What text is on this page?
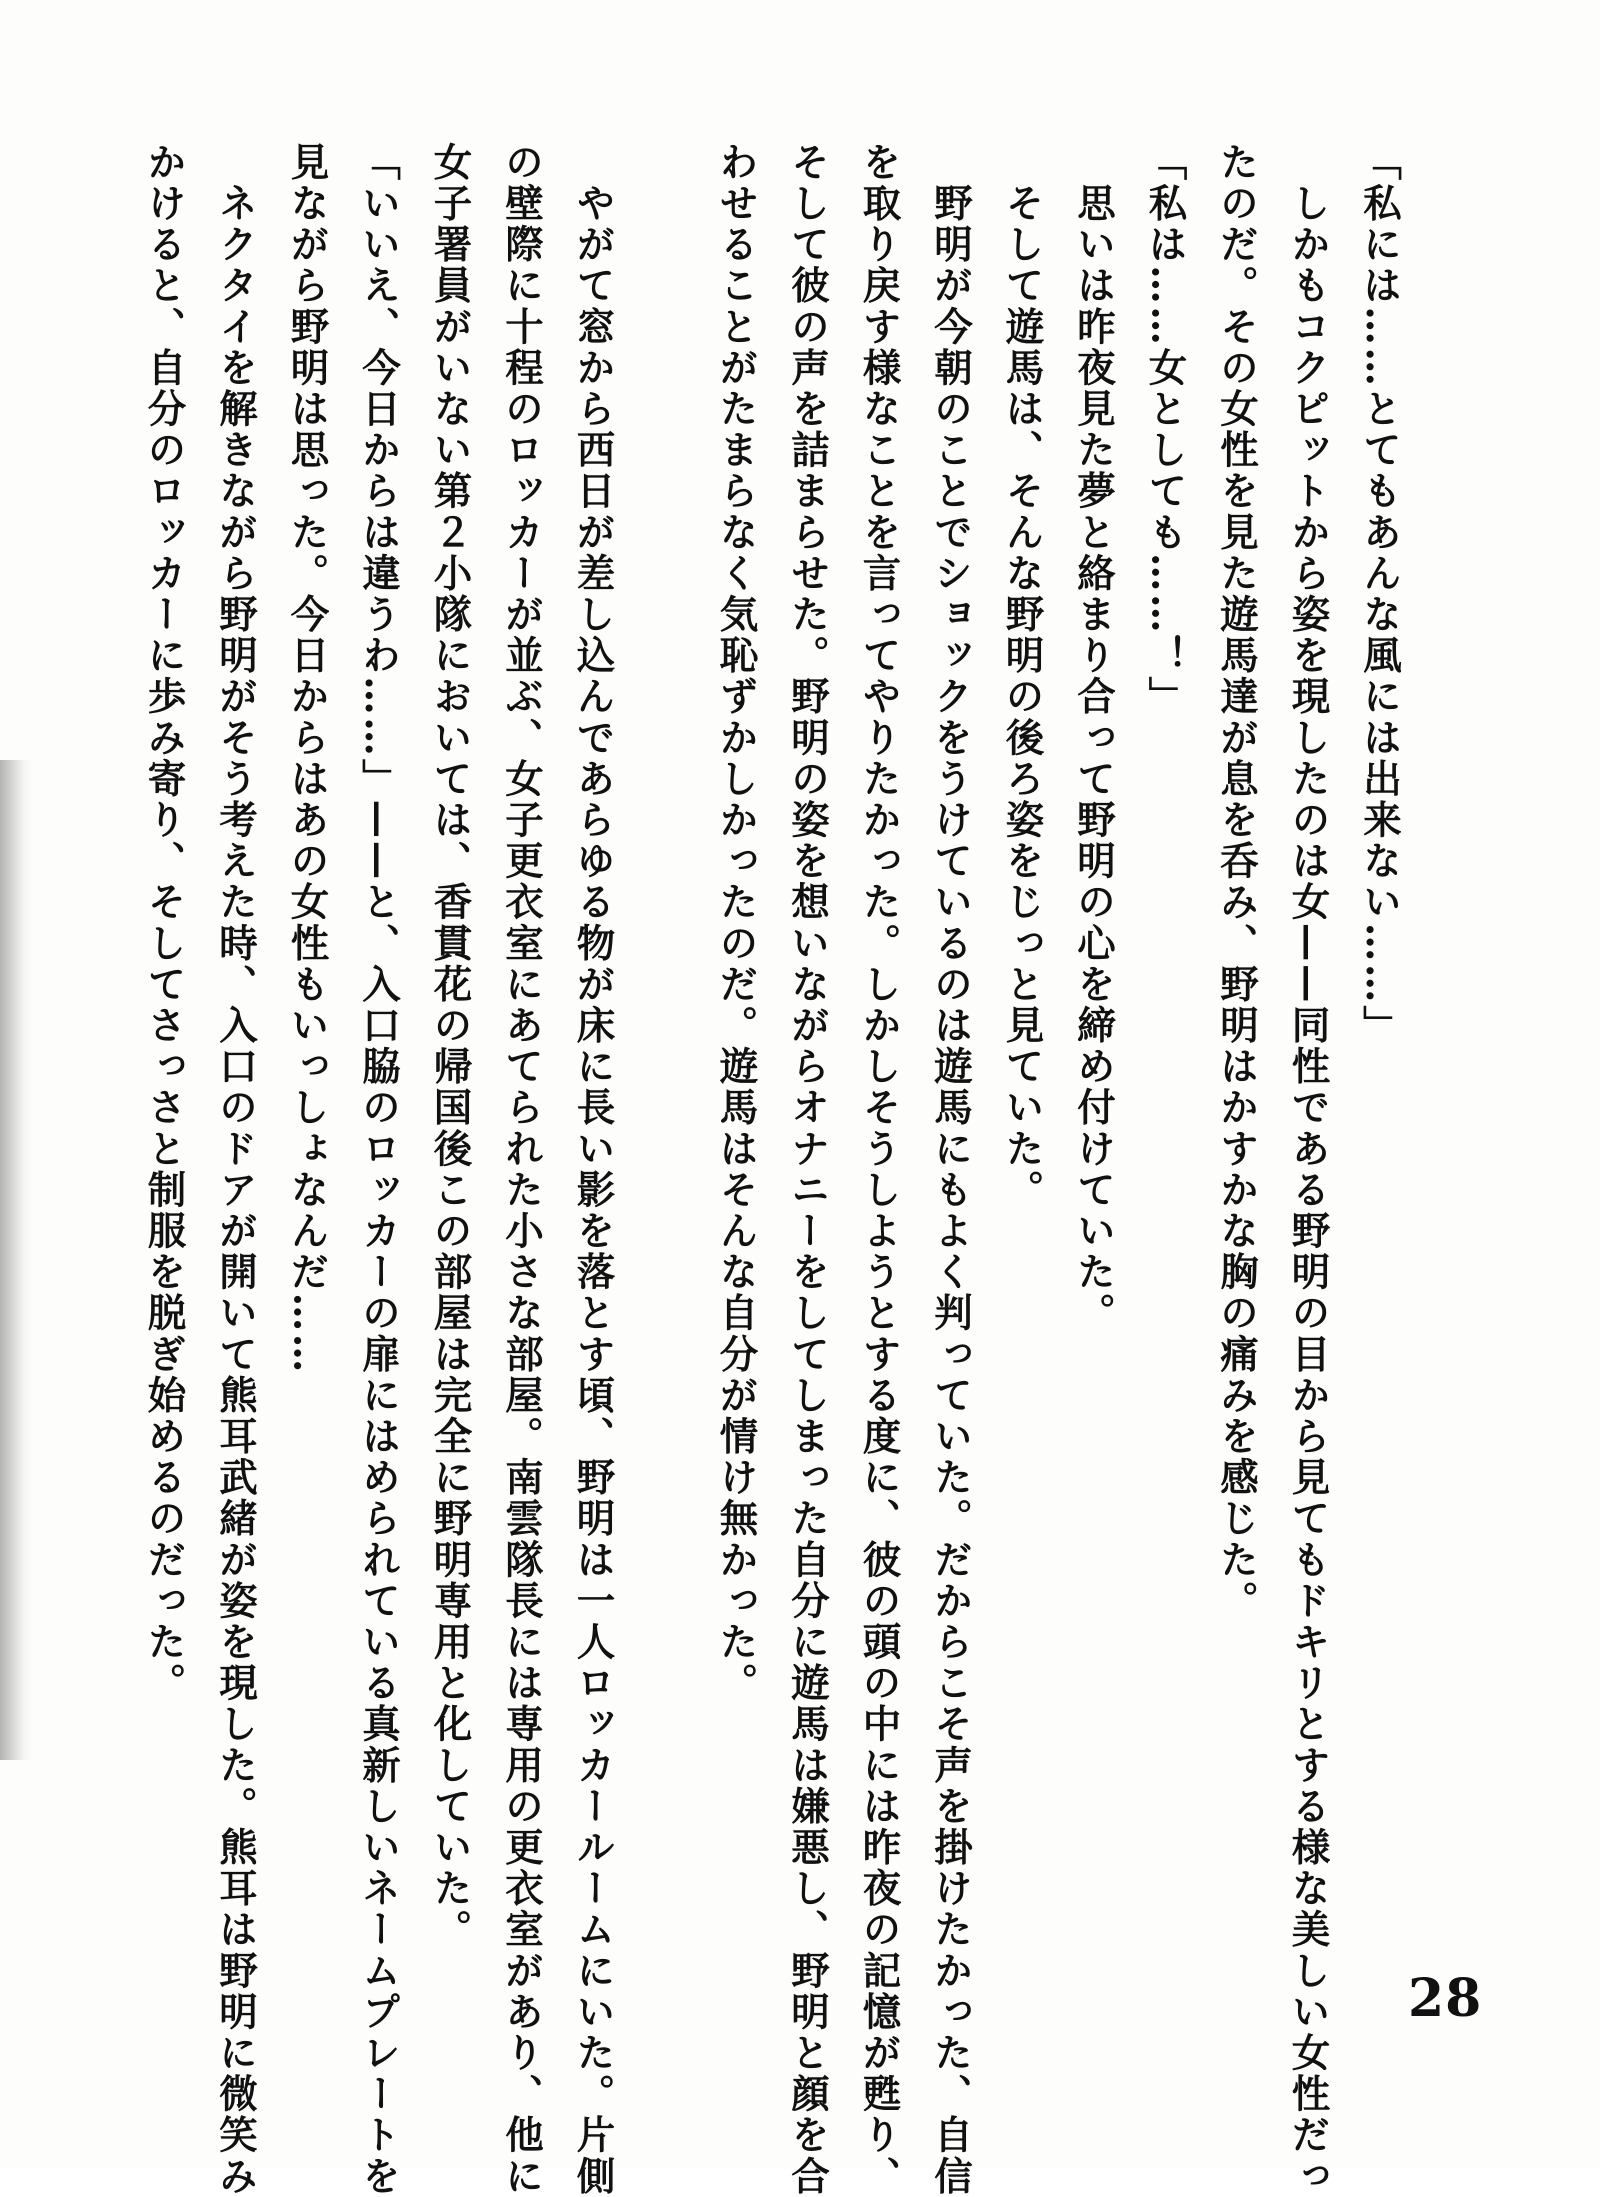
「私には……とてもあんな風には出来ない……」

　しかもコクピットから姿を現したのは女——同性である野明の目から見てもドキリとする様な美しい女性だっ

たのだ。その女性を見た遊馬達が息を呑み、野明はかすかな胸の痛みを感じた。

「私は……女としても……！」

　思いは昨夜見た夢と絡まり合って野明の心を締め付けていた。

　そして遊馬は、そんな野明の後ろ姿をじっと見ていた。

　野明が今朝のことでショックをうけているのは遊馬にもよく判っていた。だからこそ声を掛けたかった、自信

を取り戻す様なことを言ってやりたかった。しかしそうしようとする度に、彼の頭の中には昨夜の記憶が甦り、

そして彼の声を詰まらせた。野明の姿を想いながらオナニーをしてしまった自分に遊馬は嫌悪し、野明と顔を合

わせることがたまらなく気恥ずかしかったのだ。遊馬はそんな自分が情け無かった。

　やがて窓から西日が差し込んであらゆる物が床に長い影を落とす頃、野明は一人ロッカールームにいた。片側

の壁際に十程のロッカーが並ぶ、女子更衣室にあてられた小さな部屋。南雲隊長には専用の更衣室があり、他に

女子署員がいない第２小隊においては、香貫花の帰国後この部屋は完全に野明専用と化していた。

「いいえ、今日からは違うわ……」——と、入口脇のロッカーの扉にはめられている真新しいネームプレートを

見ながら野明は思った。今日からはあの女性もいっしょなんだ……

　ネクタイを解きながら野明がそう考えた時、入口のドアが開いて熊耳武緒が姿を現した。熊耳は野明に微笑み

かけると、自分のロッカーに歩み寄り、そしてさっさと制服を脱ぎ始めるのだった。

28
